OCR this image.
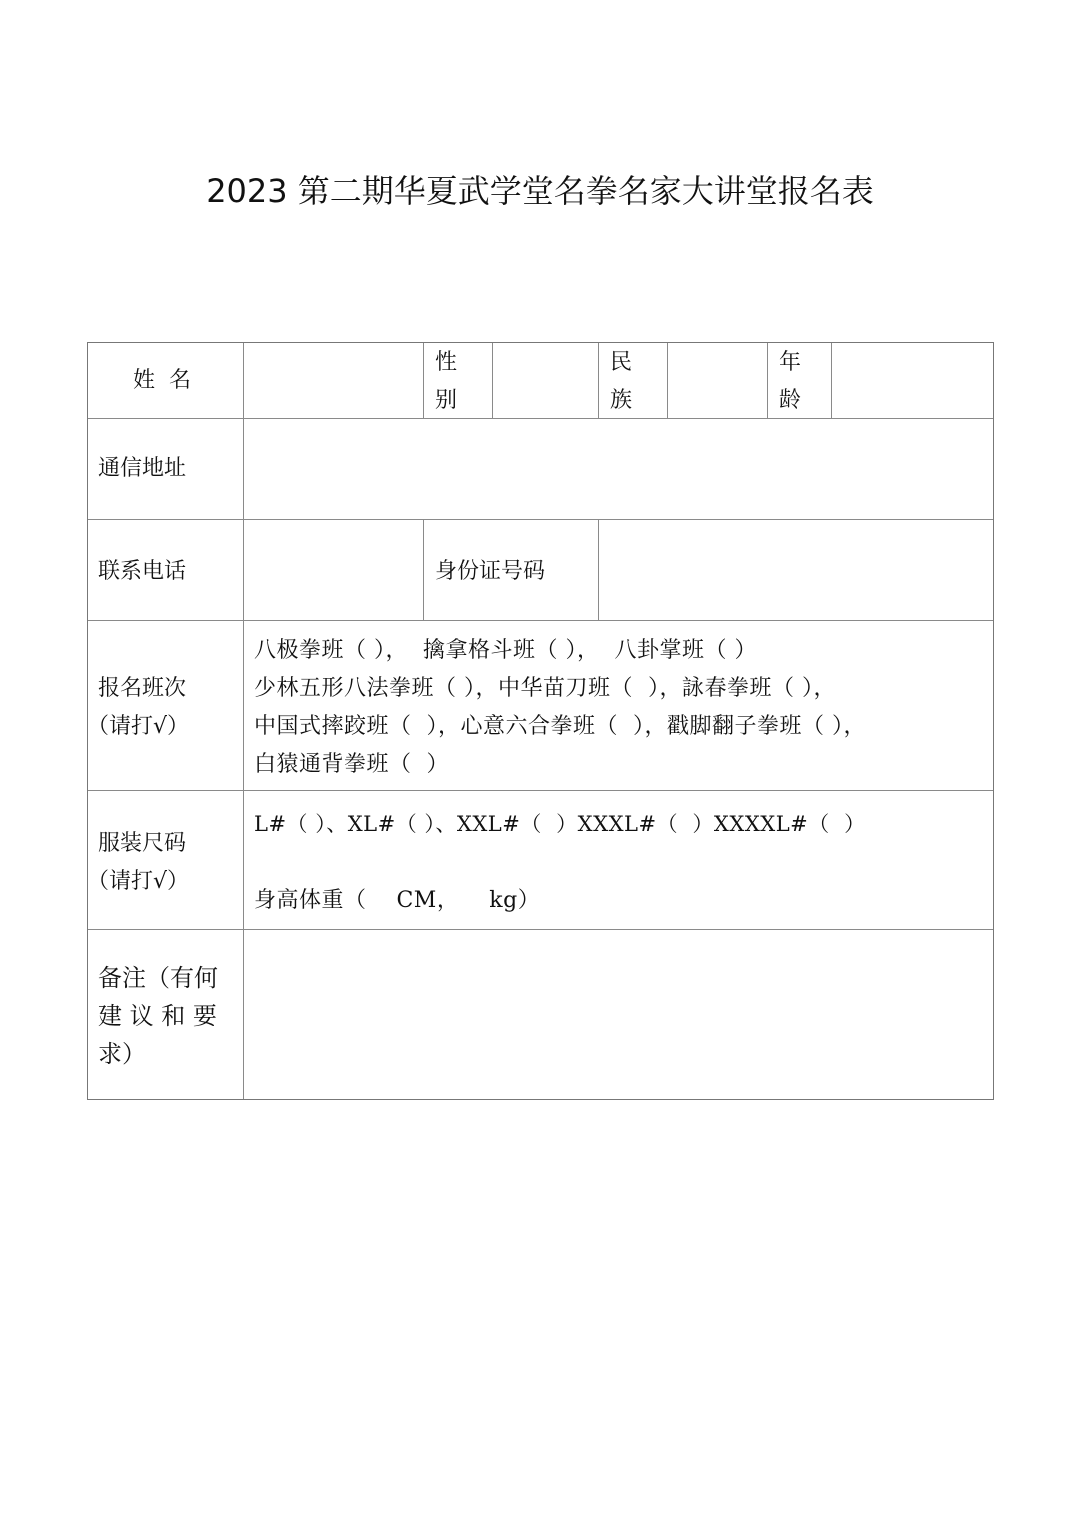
2023 第二期华夏武学堂名拳名家大讲堂报名表
姓  名
性
别
民
族
年
龄
通信地址
联系电话	身份证号码
报名班次
（请打√）
八极拳班（ ），  擒拿格斗班（ ），  八卦掌班（ ）
少林五形八法拳班（ ），中华苗刀班（  ），詠春拳班（ ），
中国式摔跤班（  ），心意六合拳班（  ），戳脚翻子拳班（ ），
白猿通背拳班（  ）
服装尺码
（请打√）
L#（ ）、XL#（ ）、XXL#（  ）XXXL#（  ）XXXXL#（  ）
身高体重（    CM，    kg）
备注（有何
建 议 和 要
求）
